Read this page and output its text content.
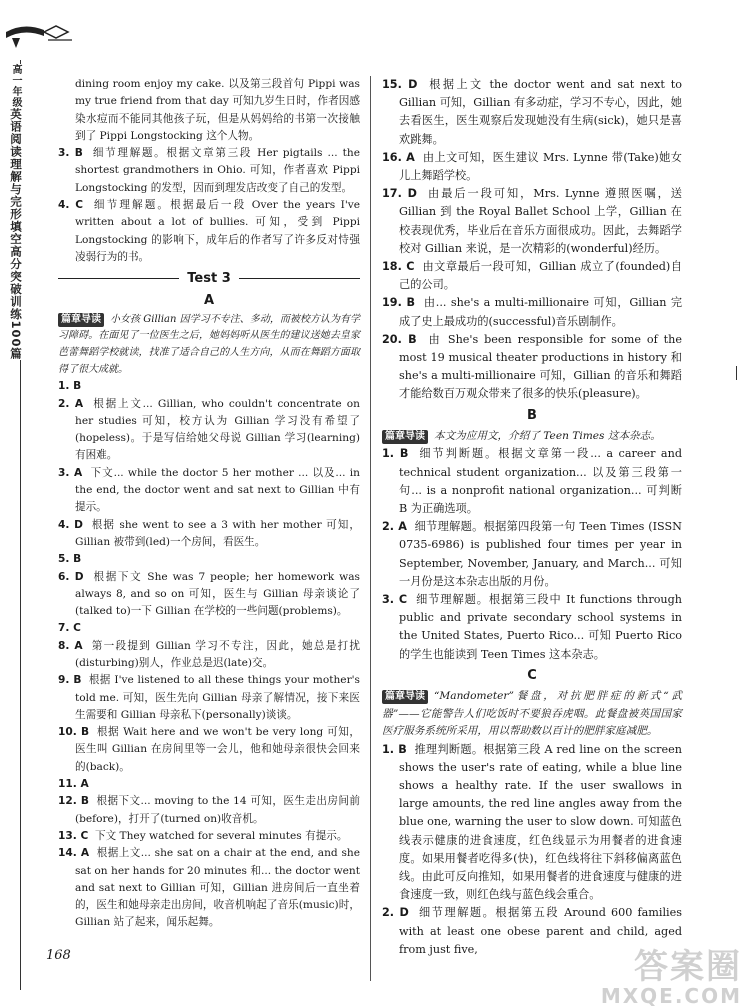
高一年级
英语阅读理解与完形填空高分突破训练100篇

dining room enjoy my cake. 以及第三段首句 Pippi was my true friend from that day 可知九岁生日时，作者因感染水痘而不能同其他孩子玩，但是从妈妈给的书第一次接触到了 Pippi Longstocking 这个人物。

3. B 细节理解题。根据文章第三段 Her pigtails ... the shortest grandmothers in Ohio. 可知，作者喜欢 Pippi Longstocking 的发型，因而到理发店改变了自己的发型。

4. C 细节理解题。根据最后一段 Over the years I've written about a lot of bullies. 可知，受到 Pippi Longstocking 的影响下，成年后的作者写了许多反对恃强凌弱行为的书。

Test 3
A

篇章导读 小女孩 Gillian 因学习不专注、多动，而被校方认为有学习障碍。在面见了一位医生之后，她妈妈听从医生的建议送她去皇家芭蕾舞蹈学校就读，找准了适合自己的人生方向，从而在舞蹈方面取得了很大成就。

1. B

2. A 根据上文... Gillian, who couldn't concentrate on her studies 可知，校方认为 Gillian 学习没有希望了(hopeless)。于是写信给她父母说 Gillian 学习(learning)有困难。

3. A 下文... while the doctor 5 her mother ... 以及... in the end, the doctor went and sat next to Gillian 中有提示。

4. D 根据 she went to see a 3 with her mother 可知，Gillian 被带到(led)一个房间，看医生。

5. B

6. D 根据下文 She was 7 people; her homework was always 8, and so on 可知，医生与 Gillian 母亲谈论了(talked to)一下 Gillian 在学校的一些问题(problems)。

7. C

8. A 第一段提到 Gillian 学习不专注，因此，她总是打扰(disturbing)别人，作业总是迟(late)交。

9. B 根据 I've listened to all these things your mother's told me. 可知，医生先向 Gillian 母亲了解情况，接下来医生需要和 Gillian 母亲私下(personally)谈谈。

10. B 根据 Wait here and we won't be very long 可知，医生叫 Gillian 在房间里等一会儿，他和她母亲很快会回来的(back)。

11. A

12. B 根据下文... moving to the 14 可知，医生走出房间前(before)，打开了(turned on)收音机。

13. C 下文 They watched for several minutes 有提示。

14. A 根据上文... she sat on a chair at the end, and she sat on her hands for 20 minutes 和... the doctor went and sat next to Gillian 可知，Gillian 进房间后一直坐着的，医生和她母亲走出房间，收音机响起了音乐(music)时，Gillian 站了起来，闻乐起舞。

15. D 根据上文 the doctor went and sat next to Gillian 可知，Gillian 有多动症，学习不专心，因此，她去看医生，医生观察后发现她没有生病(sick)，她只是喜欢跳舞。

16. A 由上文可知，医生建议 Mrs. Lynne 带(Take)她女儿上舞蹈学校。

17. D 由最后一段可知，Mrs. Lynne 遵照医嘱，送 Gillian 到 the Royal Ballet School 上学，Gillian 在校表现优秀，毕业后在音乐方面很成功。因此，去舞蹈学校对 Gillian 来说，是一次精彩的(wonderful)经历。

18. C 由文章最后一段可知，Gillian 成立了(founded)自己的公司。

19. B 由... she's a multi-millionaire 可知，Gillian 完成了史上最成功的(successful)音乐剧制作。

20. B 由 She's been responsible for some of the most 19 musical theater productions in history 和 she's a multi-millionaire 可知，Gillian 的音乐和舞蹈才能给数百万观众带来了很多的快乐(pleasure)。

B

篇章导读 本文为应用文，介绍了 Teen Times 这本杂志。

1. B 细节判断题。根据文章第一段... a career and technical student organization... 以及第三段第一句... is a nonprofit national organization... 可判断 B 为正确选项。

2. A 细节理解题。根据第四段第一句 Teen Times (ISSN 0735-6986) is published four times per year in September, November, January, and March... 可知一月份是这本杂志出版的月份。

3. C 细节理解题。根据第三段中 It functions through public and private secondary school systems in the United States, Puerto Rico... 可知 Puerto Rico 的学生也能读到 Teen Times 这本杂志。

C

篇章导读 “Mandometer”餐盘，对抗肥胖症的新式“武器”——它能警告人们吃饭时不要狼吞虎咽。此餐盘被英国国家医疗服务系统所采用，用以帮助数以百计的肥胖家庭减肥。

1. B 推理判断题。根据第三段 A red line on the screen shows the user's rate of eating, while a blue line shows a healthy rate. If the user swallows in large amounts, the red line angles away from the blue one, warning the user to slow down. 可知蓝色线表示健康的进食速度，红色线显示为用餐者的进食速度。如果用餐者吃得多(快)，红色线将往下斜移偏离蓝色线。由此可反向推知，如果用餐者的进食速度与健康的进食速度一致，则红色线与蓝色线会重合。

2. D 细节理解题。根据第五段 Around 600 families with at least one obese parent and child, aged from just five,

168	答案圈
MXQE.COM
